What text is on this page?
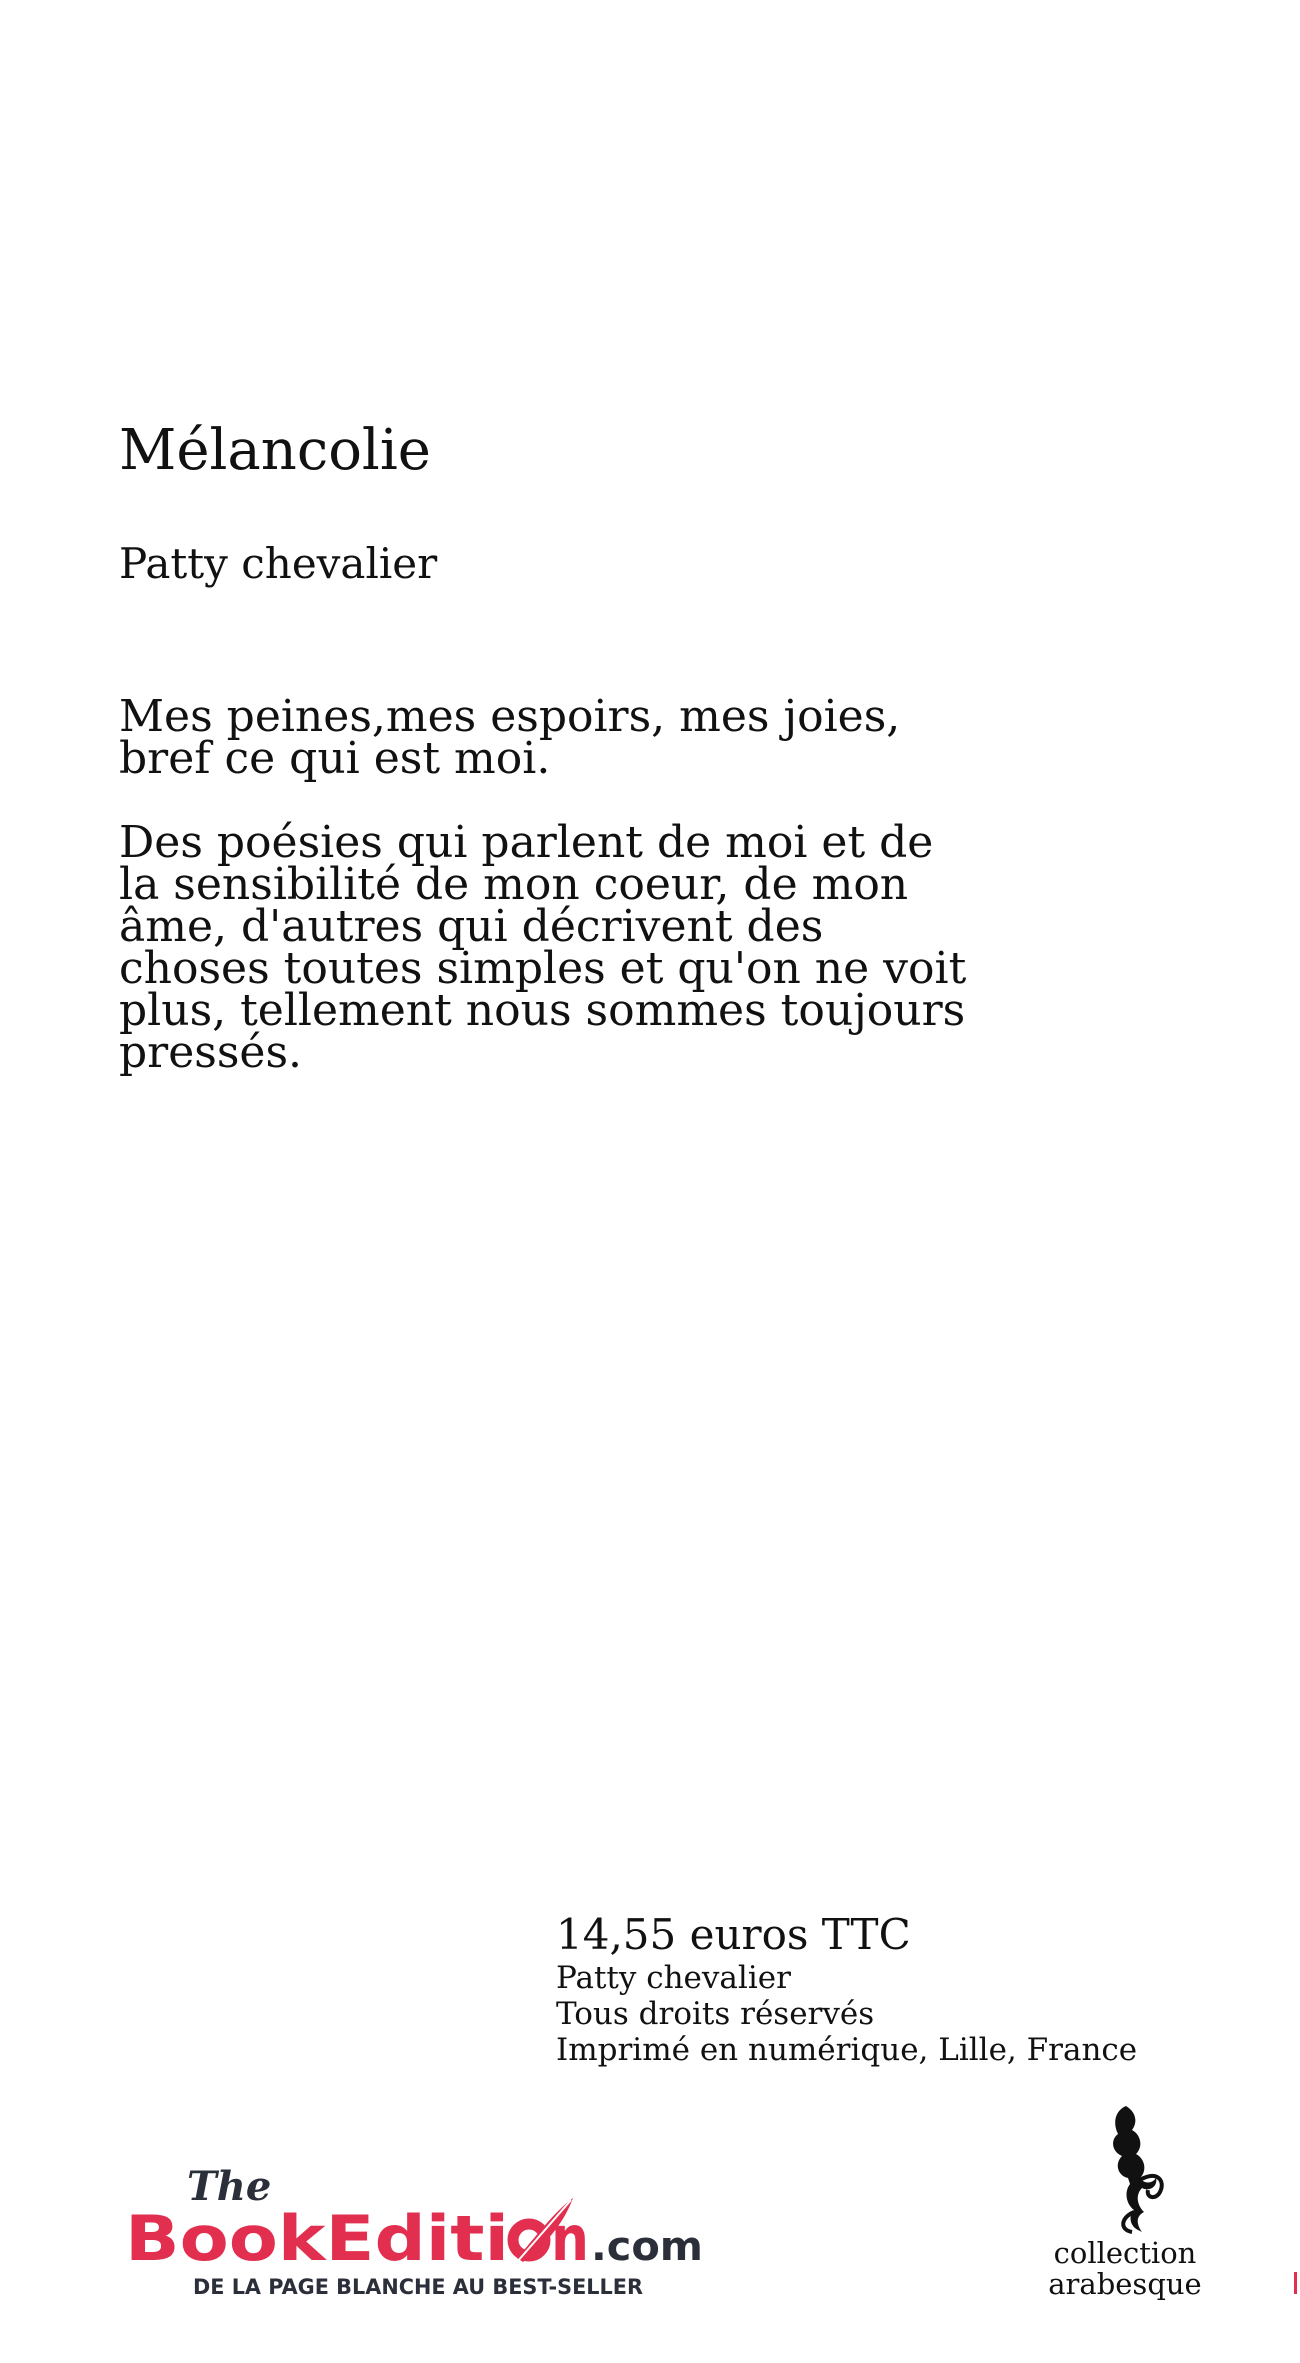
Mélancolie
Patty chevalier

Mes peines,mes espoirs, mes joies, bref ce qui est moi.

Des poésies qui parlent de moi et de la sensibilité de mon coeur, de mon âme, d'autres qui décrivent des choses toutes simples et qu'on ne voit plus, tellement nous sommes toujours pressés.

14,55 euros TTC
Patty chevalier
Tous droits réservés
Imprimé en numérique, Lille, France
The
BookEditi n .com
DE LA PAGE BLANCHE AU BEST-SELLER
collection
arabesque
